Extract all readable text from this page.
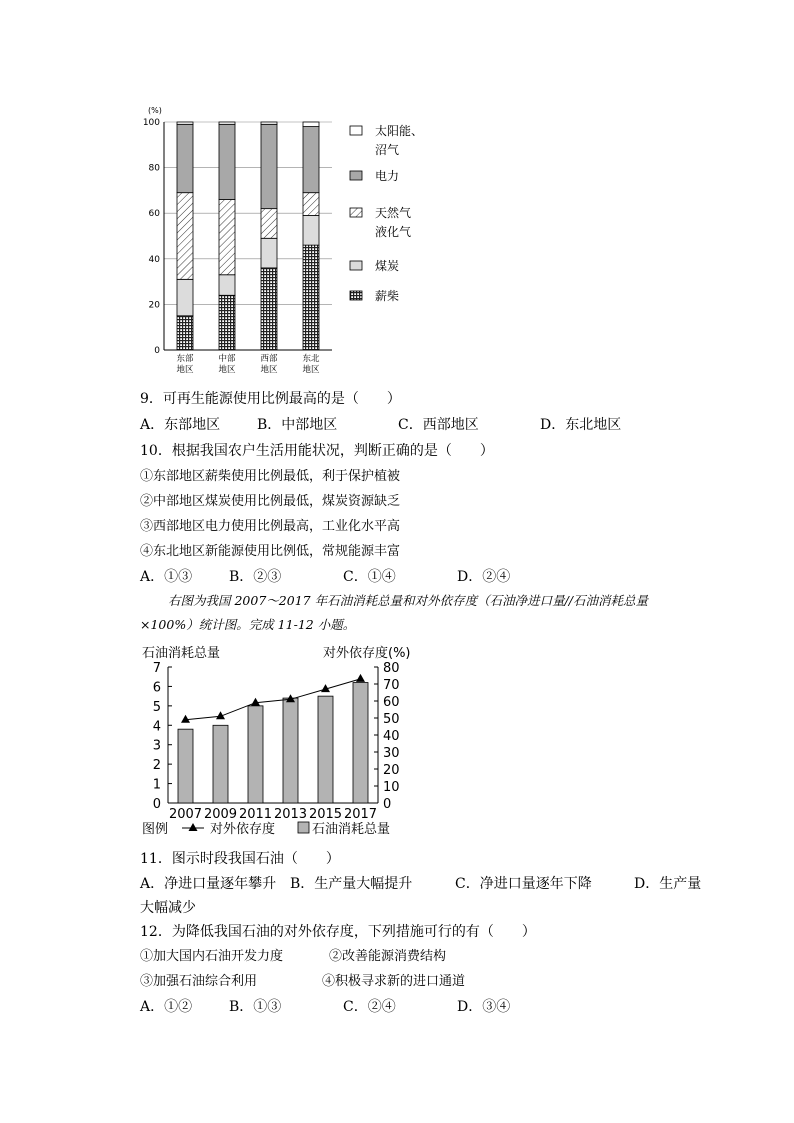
(%)
0
20
40
60
80
100
东部
地区
中部
地区
西部
地区
东北
地区
太阳能、
沼气
电力
天然气
液化气
煤炭
薪柴
9．可再生能源使用比例最高的是（　　）
A．东部地区	B．中部地区	C．西部地区	D．东北地区
10．根据我国农户生活用能状况，判断正确的是（　　）
①东部地区薪柴使用比例最低，利于保护植被
②中部地区煤炭使用比例最低，煤炭资源缺乏
③西部地区电力使用比例最高，工业化水平高
④东北地区新能源使用比例低，常规能源丰富
A．①③	B．②③	C．①④	D．②④
右图为我国 2007～2017 年石油消耗总量和对外依存度（石油净进口量//石油消耗总量
×100%）统计图。完成 11-12 小题。
石油消耗总量	对外依存度(%)
0
1
2
3
4
5
6
7
0
10
20
30
40
50
60
70
80
2007 2009 2011 2013 2015 2017
图例	对外依存度	石油消耗总量
11．图示时段我国石油（　　）
A．净进口量逐年攀升 B．生产量大幅提升	C．净进口量逐年下降	D．生产量
大幅减少
12．为降低我国石油的对外依存度，下列措施可行的有（　　）
①加大国内石油开发力度	②改善能源消费结构
③加强石油综合利用	④积极寻求新的进口通道
A．①②	B．①③	C．②④	D．③④
